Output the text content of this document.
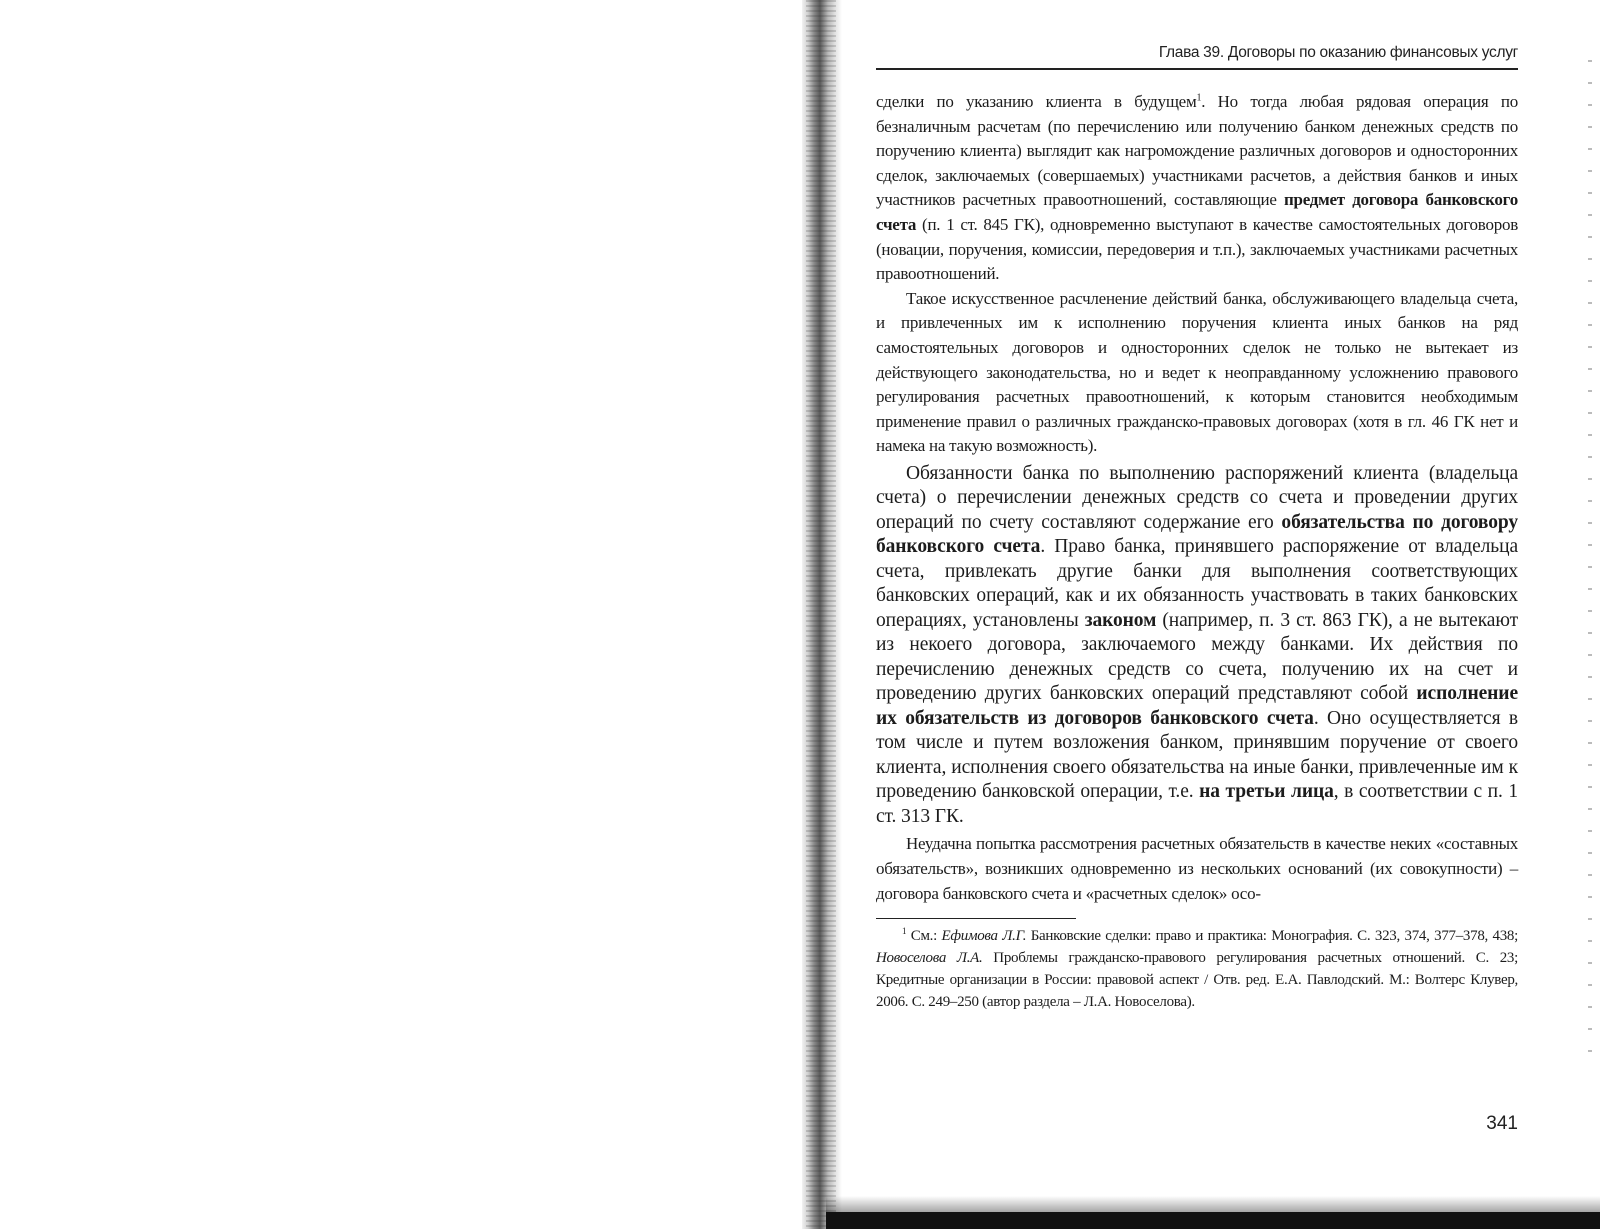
Глава 39. Договоры по оказанию финансовых услуг

сделки по указанию клиента в будущем$^1$. Но тогда любая рядовая операция по безналичным расчетам (по перечислению или получению банком денежных средств по поручению клиента) выглядит как нагромождение различных договоров и односторонних сделок, заключаемых (совершаемых) участниками расчетов, а действия банков и иных участников расчетных правоотношений, составляющие предмет договора банковского счета (п. 1 ст. 845 ГК), одновременно выступают в качестве самостоятельных договоров (новации, поручения, комиссии, передоверия и т.п.), заключаемых участниками расчетных правоотношений.

Такое искусственное расчленение действий банка, обслуживающего владельца счета, и привлеченных им к исполнению поручения клиента иных банков на ряд самостоятельных договоров и односторонних сделок не только не вытекает из действующего законодательства, но и ведет к неоправданному усложнению правового регулирования расчетных правоотношений, к которым становится необходимым применение правил о различных гражданско-правовых договорах (хотя в гл. 46 ГК нет и намека на такую возможность).

Обязанности банка по выполнению распоряжений клиента (владельца счета) о перечислении денежных средств со счета и проведении других операций по счету составляют содержание его обязательства по договору банковского счета. Право банка, принявшего распоряжение от владельца счета, привлекать другие банки для выполнения соответствующих банковских операций, как и их обязанность участвовать в таких банковских операциях, установлены законом (например, п. 3 ст. 863 ГК), а не вытекают из некоего договора, заключаемого между банками. Их действия по перечислению денежных средств со счета, получению их на счет и проведению других банковских операций представляют собой исполнение их обязательств из договоров банковского счета. Оно осуществляется в том числе и путем возложения банком, принявшим поручение от своего клиента, исполнения своего обязательства на иные банки, привлеченные им к проведению банковской операции, т.е. на третьи лица, в соответствии с п. 1 ст. 313 ГК.

Неудачна попытка рассмотрения расчетных обязательств в качестве неких «составных обязательств», возникших одновременно из нескольких оснований (их совокупности) – договора банковского счета и «расчетных сделок» осо-

$^1$ См.: Ефимова Л.Г. Банковские сделки: право и практика: Монография. С. 323, 374, 377–378, 438; Новоселова Л.А. Проблемы гражданско-правового регулирования расчетных отношений. С. 23; Кредитные организации в России: правовой аспект / Отв. ред. Е.А. Павлодский. М.: Волтерс Клувер, 2006. С. 249–250 (автор раздела – Л.А. Новоселова).

341
